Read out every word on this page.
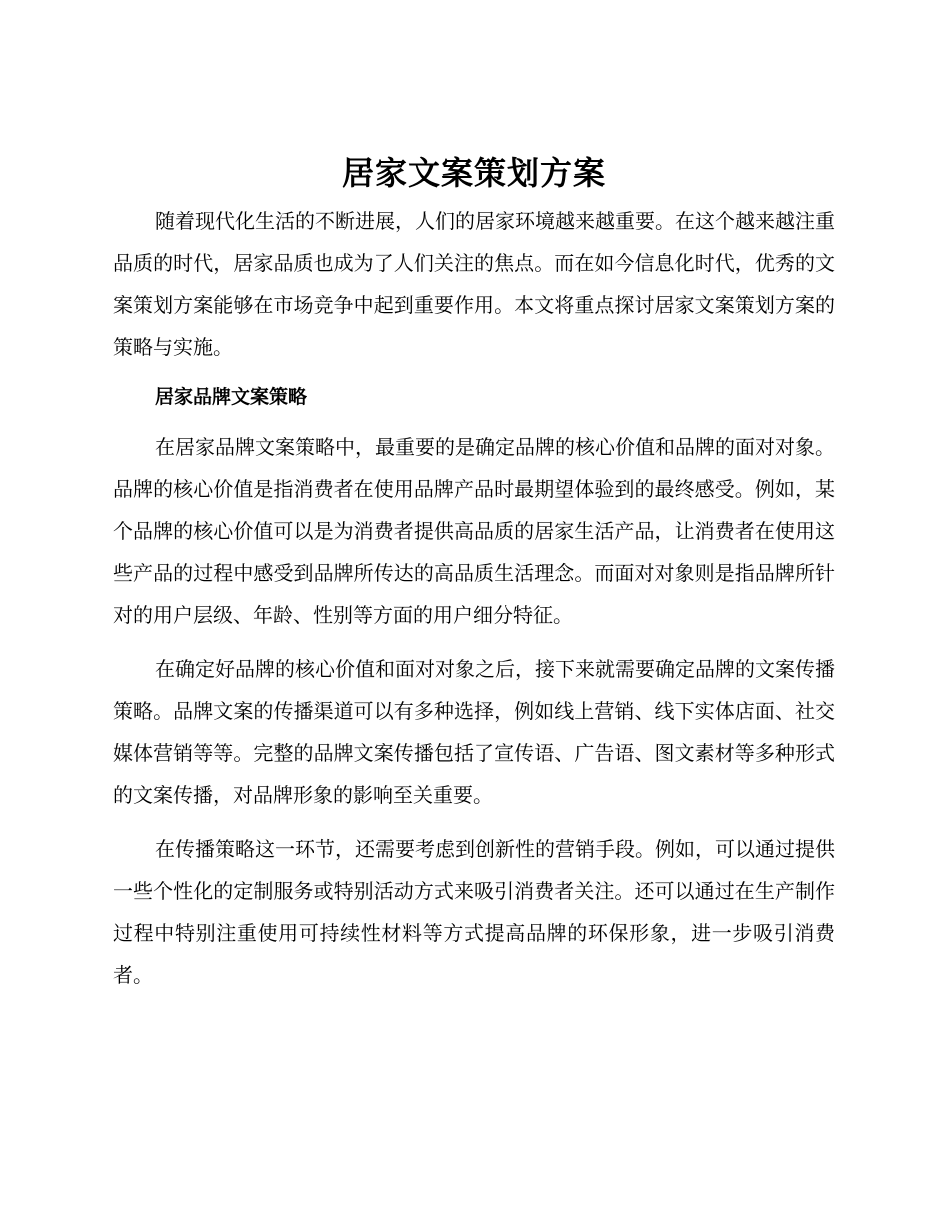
居家文案策划方案

随着现代化生活的不断进展，人们的居家环境越来越重要。在这个越来越注重品质的时代，居家品质也成为了人们关注的焦点。而在如今信息化时代，优秀的文案策划方案能够在市场竞争中起到重要作用。本文将重点探讨居家文案策划方案的策略与实施。

居家品牌文案策略

在居家品牌文案策略中，最重要的是确定品牌的核心价值和品牌的面对对象。品牌的核心价值是指消费者在使用品牌产品时最期望体验到的最终感受。例如，某个品牌的核心价值可以是为消费者提供高品质的居家生活产品，让消费者在使用这些产品的过程中感受到品牌所传达的高品质生活理念。而面对对象则是指品牌所针对的用户层级、年龄、性别等方面的用户细分特征。

在确定好品牌的核心价值和面对对象之后，接下来就需要确定品牌的文案传播策略。品牌文案的传播渠道可以有多种选择，例如线上营销、线下实体店面、社交媒体营销等等。完整的品牌文案传播包括了宣传语、广告语、图文素材等多种形式的文案传播，对品牌形象的影响至关重要。

在传播策略这一环节，还需要考虑到创新性的营销手段。例如，可以通过提供一些个性化的定制服务或特别活动方式来吸引消费者关注。还可以通过在生产制作过程中特别注重使用可持续性材料等方式提高品牌的环保形象，进一步吸引消费者。
